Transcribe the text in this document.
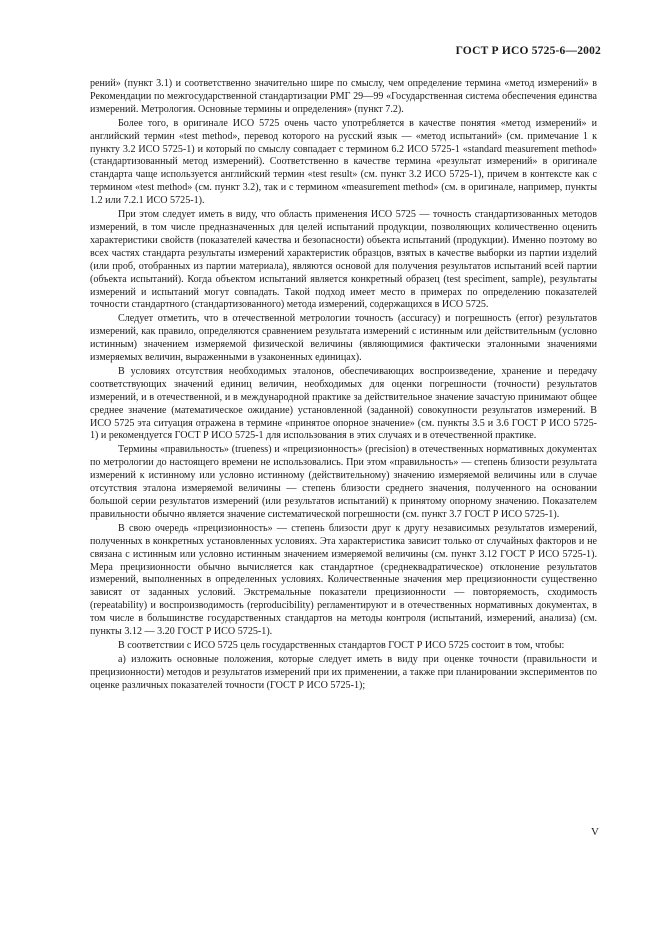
ГОСТ Р ИСО 5725-6—2002

рений» (пункт 3.1) и соответственно значительно шире по смыслу, чем определение термина «метод измерений» в Рекомендации по межгосударственной стандартизации РМГ 29—99 «Государственная система обеспечения единства измерений. Метрология. Основные термины и определения» (пункт 7.2).

Более того, в оригинале ИСО 5725 очень часто употребляется в качестве понятия «метод измерений» и английский термин «test method», перевод которого на русский язык — «метод испытаний» (см. примечание 1 к пункту 3.2 ИСО 5725-1) и который по смыслу совпадает с термином 6.2 ИСО 5725-1 «standard measurement method» (стандартизованный метод измерений). Соответственно в качестве термина «результат измерений» в оригинале стандарта чаще используется английский термин «test result» (см. пункт 3.2 ИСО 5725-1), причем в контексте как с термином «test method» (см. пункт 3.2), так и с термином «measurement method» (см. в оригинале, например, пункты 1.2 или 7.2.1 ИСО 5725-1).

При этом следует иметь в виду, что область применения ИСО 5725 — точность стандартизованных методов измерений, в том числе предназначенных для целей испытаний продукции, позволяющих количественно оценить характеристики свойств (показателей качества и безопасности) объекта испытаний (продукции). Именно поэтому во всех частях стандарта результаты измерений характеристик образцов, взятых в качестве выборки из партии изделий (или проб, отобранных из партии материала), являются основой для получения результатов испытаний всей партии (объекта испытаний). Когда объектом испытаний является конкретный образец (test speciment, sample), результаты измерений и испытаний могут совпадать. Такой подход имеет место в примерах по определению показателей точности стандартного (стандартизованного) метода измерений, содержащихся в ИСО 5725.

Следует отметить, что в отечественной метрологии точность (accuracy) и погрешность (error) результатов измерений, как правило, определяются сравнением результата измерений с истинным или действительным (условно истинным) значением измеряемой физической величины (являющимися фактически эталонными значениями измеряемых величин, выраженными в узаконенных единицах).

В условиях отсутствия необходимых эталонов, обеспечивающих воспроизведение, хранение и передачу соответствующих значений единиц величин, необходимых для оценки погрешности (точности) результатов измерений, и в отечественной, и в международной практике за действительное значение зачастую принимают общее среднее значение (математическое ожидание) установленной (заданной) совокупности результатов измерений. В ИСО 5725 эта ситуация отражена в термине «принятое опорное значение» (см. пункты 3.5 и 3.6 ГОСТ Р ИСО 5725-1) и рекомендуется ГОСТ Р ИСО 5725-1 для использования в этих случаях и в отечественной практике.

Термины «правильность» (trueness) и «прецизионность» (precision) в отечественных нормативных документах по метрологии до настоящего времени не использовались. При этом «правильность» — степень близости результата измерений к истинному или условно истинному (действительному) значению измеряемой величины или в случае отсутствия эталона измеряемой величины — степень близости среднего значения, полученного на основании большой серии результатов измерений (или результатов испытаний) к принятому опорному значению. Показателем правильности обычно является значение систематической погрешности (см. пункт 3.7 ГОСТ Р ИСО 5725-1).

В свою очередь «прецизионность» — степень близости друг к другу независимых результатов измерений, полученных в конкретных установленных условиях. Эта характеристика зависит только от случайных факторов и не связана с истинным или условно истинным значением измеряемой величины (см. пункт 3.12 ГОСТ Р ИСО 5725-1). Мера прецизионности обычно вычисляется как стандартное (среднеквадратическое) отклонение результатов измерений, выполненных в определенных условиях. Количественные значения мер прецизионности существенно зависят от заданных условий. Экстремальные показатели прецизионности — повторяемость, сходимость (repeatability) и воспроизводимость (reproducibility) регламентируют и в отечественных нормативных документах, в том числе в большинстве государственных стандартов на методы контроля (испытаний, измерений, анализа) (см. пункты 3.12 — 3.20 ГОСТ Р ИСО 5725-1).

В соответствии с ИСО 5725 цель государственных стандартов ГОСТ Р ИСО 5725 состоит в том, чтобы:

а) изложить основные положения, которые следует иметь в виду при оценке точности (правильности и прецизионности) методов и результатов измерений при их применении, а также при планировании экспериментов по оценке различных показателей точности (ГОСТ Р ИСО 5725-1);

V
